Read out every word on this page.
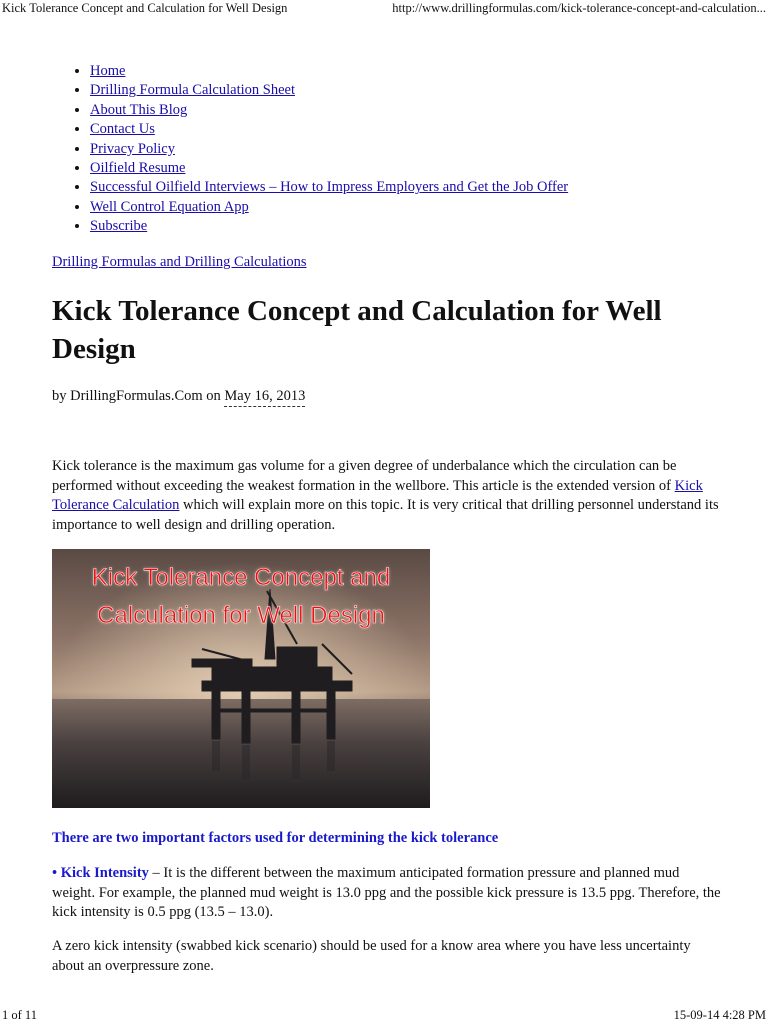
Kick Tolerance Concept and Calculation for Well Design	http://www.drillingformulas.com/kick-tolerance-concept-and-calculation...
• Home
• Drilling Formula Calculation Sheet
• About This Blog
• Contact Us
• Privacy Policy
• Oilfield Resume
• Successful Oilfield Interviews – How to Impress Employers and Get the Job Offer
• Well Control Equation App
• Subscribe
Drilling Formulas and Drilling Calculations
Kick Tolerance Concept and Calculation for Well Design
by DrillingFormulas.Com on May 16, 2013

Kick tolerance is the maximum gas volume for a given degree of underbalance which the circulation can be performed without exceeding the weakest formation in the wellbore. This article is the extended version of Kick Tolerance Calculation which will explain more on this topic. It is very critical that drilling personnel understand its importance to well design and drilling operation.

Kick Tolerance Concept and
Calculation for Well Design
There are two important factors used for determining the kick tolerance

• Kick Intensity – It is the different between the maximum anticipated formation pressure and planned mud weight. For example, the planned mud weight is 13.0 ppg and the possible kick pressure is 13.5 ppg. Therefore, the kick intensity is 0.5 ppg (13.5 – 13.0).

A zero kick intensity (swabbed kick scenario) should be used for a know area where you have less uncertainty about an overpressure zone.

1 of 11	15-09-14 4:28 PM
